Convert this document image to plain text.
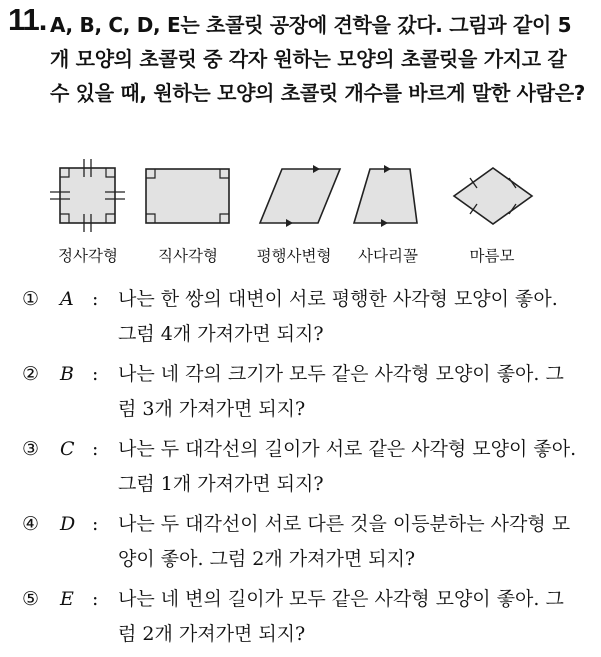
11. A, B, C, D, E는 초콜릿 공장에 견학을 갔다. 그림과 같이 5개 모양의 초콜릿 중 각자 원하는 모양의 초콜릿을 가지고 갈 수 있을 때, 원하는 모양의 초콜릿 개수를 바르게 말한 사람은?

정사각형	직사각형	평행사변형	사다리꼴	마름모
① A : 나는 한 쌍의 대변이 서로 평행한 사각형 모양이 좋아. 그럼 4개 가져가면 되지?
② B : 나는 네 각의 크기가 모두 같은 사각형 모양이 좋아. 그럼 3개 가져가면 되지?
③ C : 나는 두 대각선의 길이가 서로 같은 사각형 모양이 좋아. 그럼 1개 가져가면 되지?
④ D : 나는 두 대각선이 서로 다른 것을 이등분하는 사각형 모양이 좋아. 그럼 2개 가져가면 되지?
⑤ E : 나는 네 변의 길이가 모두 같은 사각형 모양이 좋아. 그럼 2개 가져가면 되지?
